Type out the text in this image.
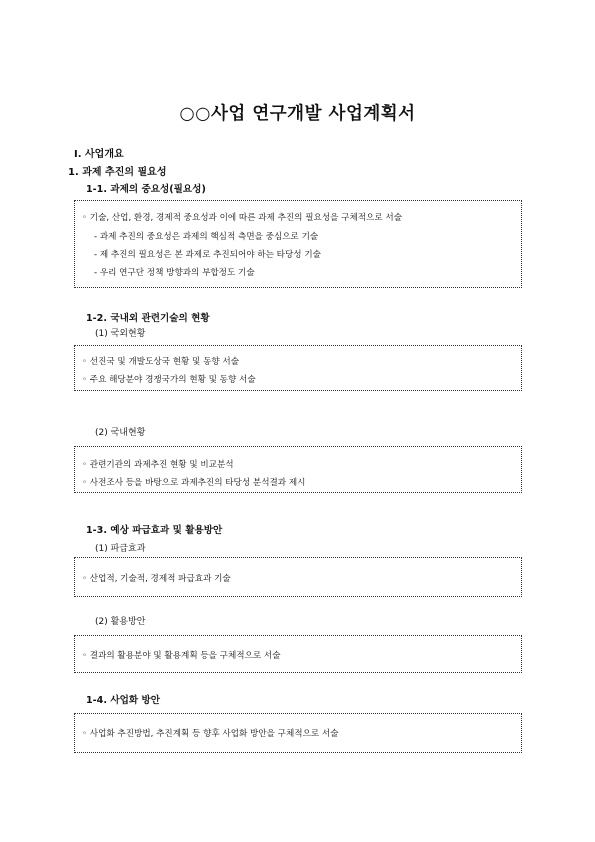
○○사업 연구개발 사업계획서
Ⅰ. 사업개요
1. 과제 추진의 필요성
1-1. 과제의 중요성(필요성)
◦ 기술, 산업, 환경, 경제적 중요성과 이에 따른 과제 추진의 필요성을 구체적으로 서술
- 과제 추진의 중요성은 과제의 핵심적 측면을 중심으로 기술
- 제 추진의 필요성은 본 과제로 추진되어야 하는 타당성 기술
- 우리 연구단 정책 방향과의 부합정도 기술
1-2. 국내외 관련기술의 현황
(1) 국외현황
◦ 선진국 및 개발도상국 현황 및 동향 서술
◦ 주요 해당분야 경쟁국가의 현황 및 동향 서술
(2) 국내현황
◦ 관련기관의 과제추진 현황 및 비교분석
◦ 사전조사 등을 바탕으로 과제추진의 타당성 분석결과 제시
1-3. 예상 파급효과 및 활용방안
(1) 파급효과
◦ 산업적, 기술적, 경제적 파급효과 기술
(2) 활용방안
◦ 결과의 활용분야 및 활용계획 등을 구체적으로 서술
1-4. 사업화 방안
◦ 사업화 추진방법, 추진계획 등 향후 사업화 방안을 구체적으로 서술
